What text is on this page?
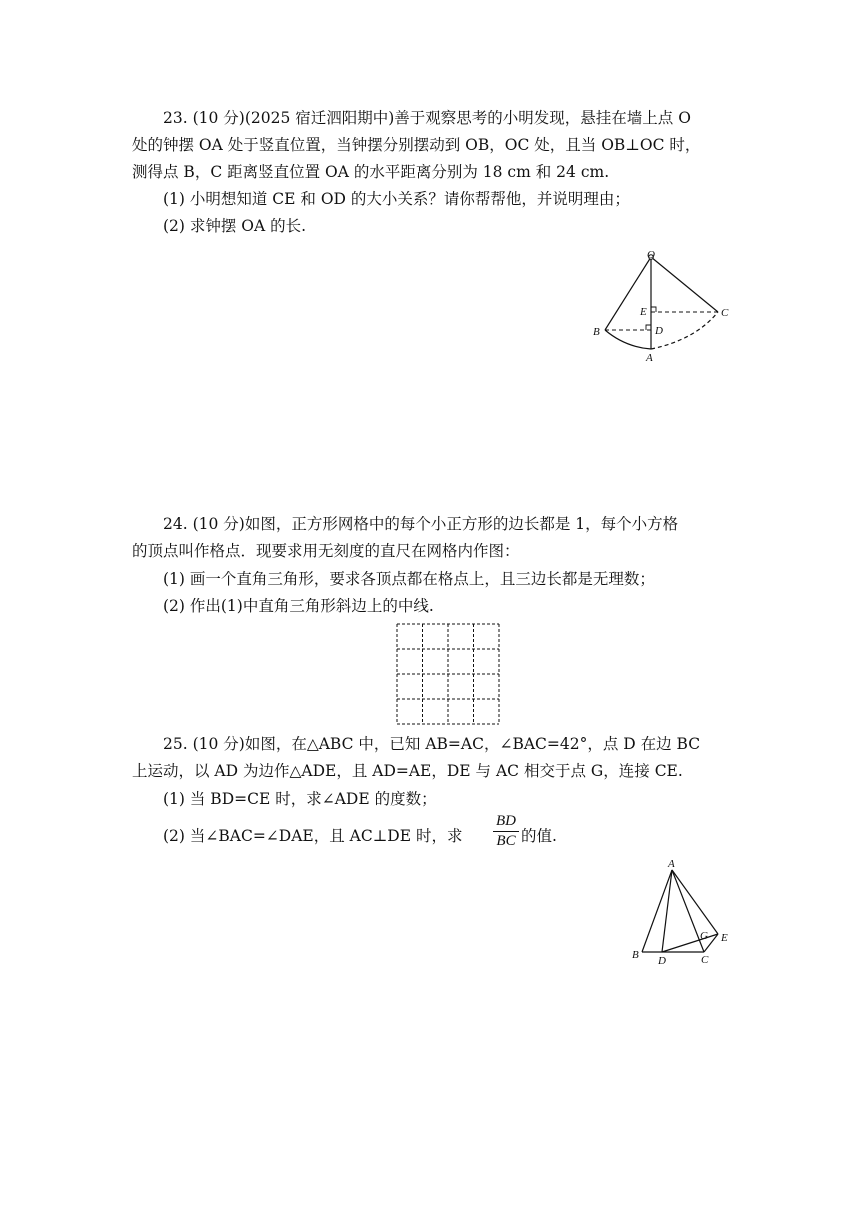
23. (10 分)(2025 宿迁泗阳期中)善于观察思考的小明发现，悬挂在墙上点 O
处的钟摆 OA 处于竖直位置，当钟摆分别摆动到 OB，OC 处，且当 OB⊥OC 时，
测得点 B，C 距离竖直位置 OA 的水平距离分别为 18 cm 和 24 cm.
(1) 小明想知道 CE 和 OD 的大小关系？请你帮帮他，并说明理由；
(2) 求钟摆 OA 的长.
O
E	C
D
B
A
24. (10 分)如图，正方形网格中的每个小正方形的边长都是 1，每个小方格
的顶点叫作格点．现要求用无刻度的直尺在网格内作图：
(1) 画一个直角三角形，要求各顶点都在格点上，且三边长都是无理数；
(2) 作出(1)中直角三角形斜边上的中线.
25. (10 分)如图，在△ABC 中，已知 AB=AC，∠BAC=42°，点 D 在边 BC
上运动，以 AD 为边作△ADE，且 AD=AE，DE 与 AC 相交于点 G，连接 CE.
(1) 当 BD=CE 时，求∠ADE 的度数；
(2) 当∠BAC=∠DAE，且 AC⊥DE 时，求
BD
BC 的值.
A
B D	C
G E
